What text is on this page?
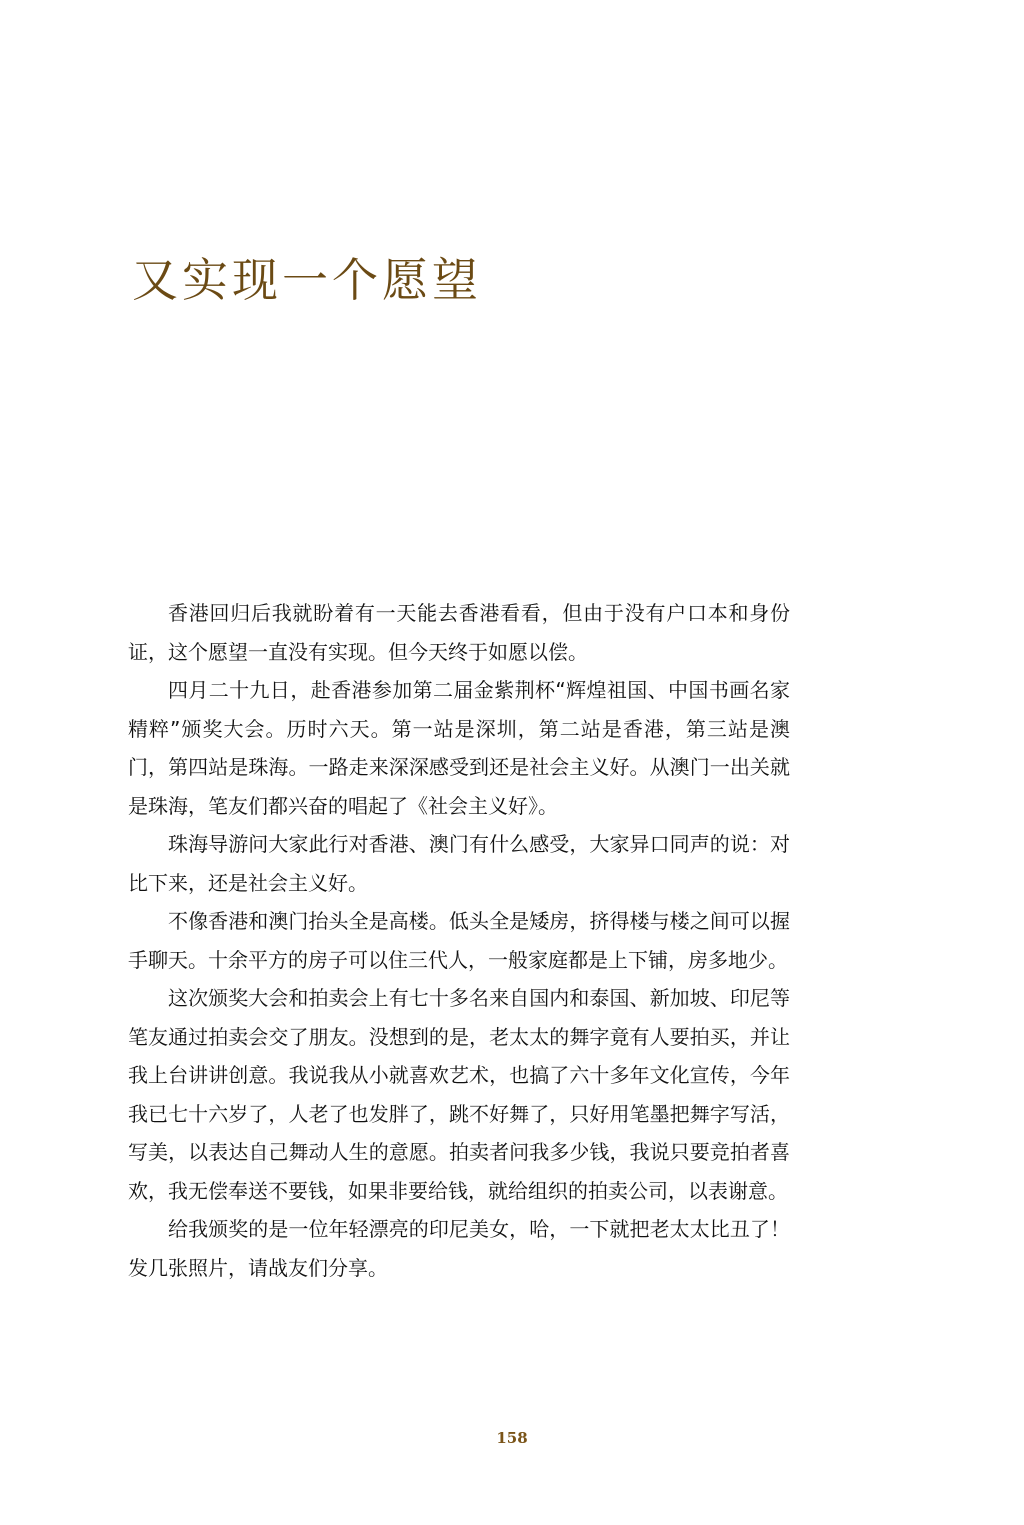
又实现一个愿望

香港回归后我就盼着有一天能去香港看看，但由于没有户口本和身份证，这个愿望一直没有实现。但今天终于如愿以偿。

四月二十九日，赴香港参加第二届金紫荆杯“辉煌祖国、中国书画名家精粹”颁奖大会。历时六天。第一站是深圳，第二站是香港，第三站是澳门，第四站是珠海。一路走来深深感受到还是社会主义好。从澳门一出关就是珠海，笔友们都兴奋的唱起了《社会主义好》。

珠海导游问大家此行对香港、澳门有什么感受，大家异口同声的说：对比下来，还是社会主义好。

不像香港和澳门抬头全是高楼。低头全是矮房，挤得楼与楼之间可以握手聊天。十余平方的房子可以住三代人，一般家庭都是上下铺，房多地少。

这次颁奖大会和拍卖会上有七十多名来自国内和泰国、新加坡、印尼等笔友通过拍卖会交了朋友。没想到的是，老太太的舞字竟有人要拍买，并让我上台讲讲创意。我说我从小就喜欢艺术，也搞了六十多年文化宣传，今年我已七十六岁了，人老了也发胖了，跳不好舞了，只好用笔墨把舞字写活，写美，以表达自己舞动人生的意愿。拍卖者问我多少钱，我说只要竞拍者喜欢，我无偿奉送不要钱，如果非要给钱，就给组织的拍卖公司，以表谢意。

给我颁奖的是一位年轻漂亮的印尼美女，哈，一下就把老太太比丑了！发几张照片，请战友们分享。

158
